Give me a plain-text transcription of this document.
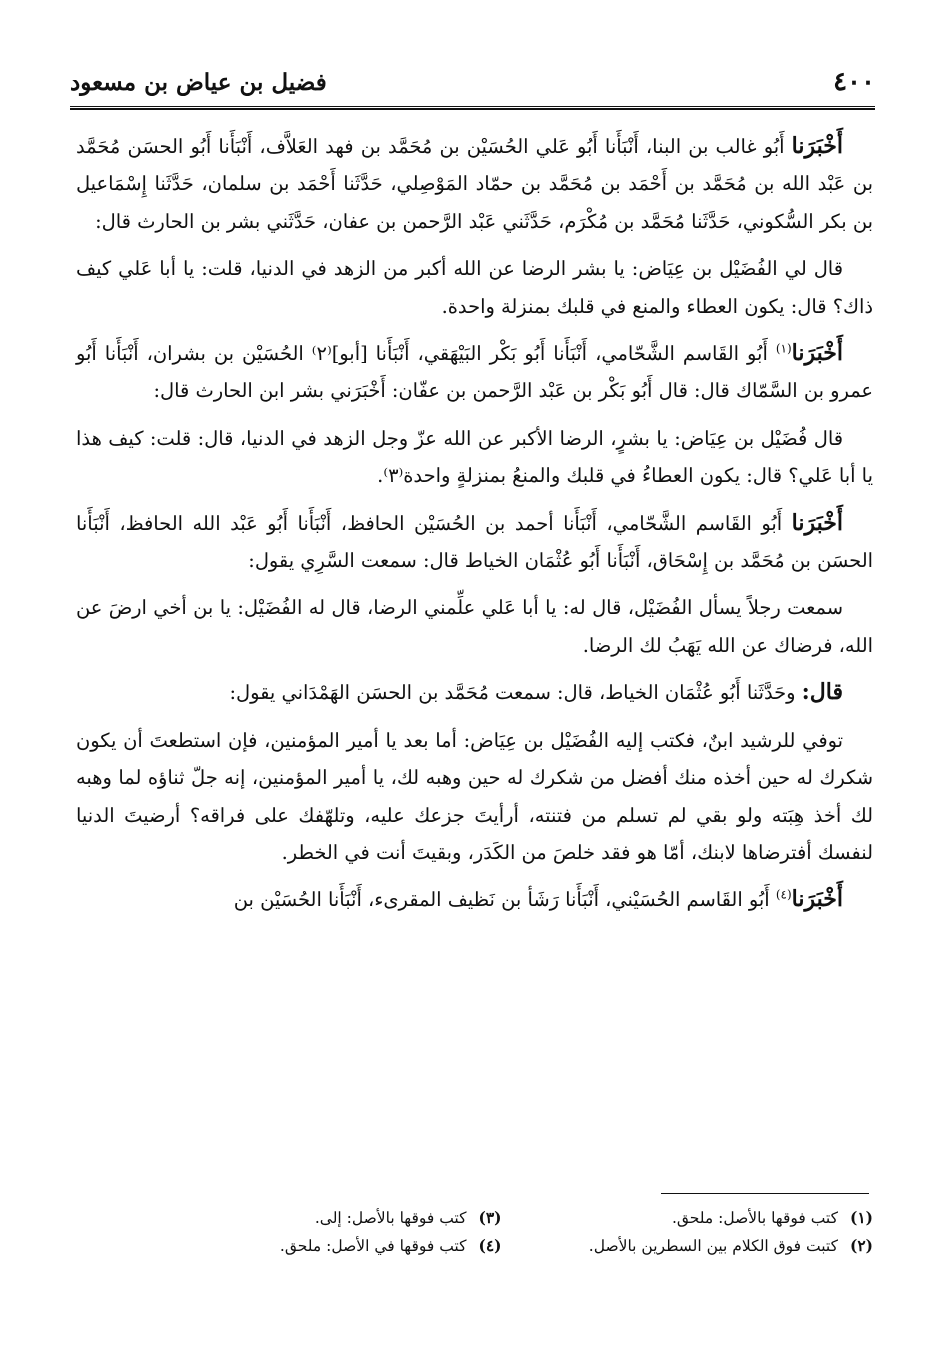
٤٠٠
فضيل بن عياض بن مسعود

أَخْبَرَنا أَبُو غالب بن البنا، أَنْبَأَنا أَبُو عَلي الحُسَيْن بن مُحَمَّد بن فهد العَلاَّف، أَنْبَأَنا أَبُو الحسَن مُحَمَّد بن عَبْد الله بن مُحَمَّد بن أَحْمَد بن مُحَمَّد بن حمّاد المَوْصِلي، حَدَّثَنا أَحْمَد بن سلمان، حَدَّثَنا إِسْمَاعيل بن بكر السُّكوني، حَدَّثَنا مُحَمَّد بن مُكْرَم، حَدَّثَني عَبْد الرَّحمن بن عفان، حَدَّثَني بشر بن الحارث قال:

قال لي الفُضَيْل بن عِيَاض: يا بشر الرضا عن الله أكبر من الزهد في الدنيا، قلت: يا أبا عَلي كيف ذاك؟ قال: يكون العطاء والمنع في قلبك بمنزلة واحدة.

أَخْبَرَنا$^{(١)}$ أَبُو القَاسم الشَّحّامي، أَنْبَأَنا أَبُو بَكْر البَيْهَقي، أَنْبَأَنا [أبو]⁽٢⁾ الحُسَيْن بن بشران، أَنْبَأَنا أَبُو عمرو بن السَّمّاك قال: قال أَبُو بَكْر بن عَبْد الرَّحمن بن عفّان: أَخْبَرَني بشر ابن الحارث قال:

قال فُضَيْل بن عِيَاض: يا بشرٍ، الرضا الأكبر عن الله عزّ وجل الزهد في الدنيا، قال: قلت: كيف هذا يا أبا عَلي؟ قال: يكون العطاءُ في قلبك والمنعُ بمنزلةٍ واحدة⁽٣⁾.

أَخْبَرَنا أَبُو القَاسم الشَّحّامي، أَنْبَأَنا أحمد بن الحُسَيْن الحافظ، أَنْبَأَنا أَبُو عَبْد الله الحافظ، أَنْبَأَنا الحسَن بن مُحَمَّد بن إِسْحَاق، أَنْبَأَنا أَبُو عُثْمَان الخياط قال: سمعت السَّرِي يقول:

سمعت رجلاً يسأل الفُضَيْل، قال له: يا أبا عَلي علِّمني الرضا، قال له الفُضَيْل: يا بن أخي ارضَ عن الله، فرضاك عن الله يَهَبُ لك الرضا.

قال: وحَدَّثَنا أَبُو عُثْمَان الخياط، قال: سمعت مُحَمَّد بن الحسَن الهَمْدَاني يقول:

توفي للرشيد ابنٌ، فكتب إليه الفُضَيْل بن عِيَاض: أما بعد يا أمير المؤمنين، فإن استطعتَ أن يكون شكرك له حين أخذه منك أفضل من شكرك له حين وهبه لك، يا أمير المؤمنين، إنه جلّ ثناؤه لما وهبه لك أخذ هِبَته ولو بقي لم تسلم من فتنته، أرأيتَ جزعك عليه، وتلهّفك على فراقه؟ أرضيتَ الدنيا لنفسك أفترضاها لابنك، أمّا هو فقد خلصَ من الكَدَر، وبقيتَ أنت في الخطر.

أَخْبَرَنا$^{(٤)}$ أَبُو القَاسم الحُسَيْني، أَنْبَأَنا رَشَأ بن نَظيف المقرىء، أَنْبَأَنا الحُسَيْن بن

(١)كتب فوقها بالأصل: ملحق.
(٣)كتب فوقها بالأصل: إلى.
(٢)كتبت فوق الكلام بين السطرين بالأصل.
(٤)كتب فوقها في الأصل: ملحق.
